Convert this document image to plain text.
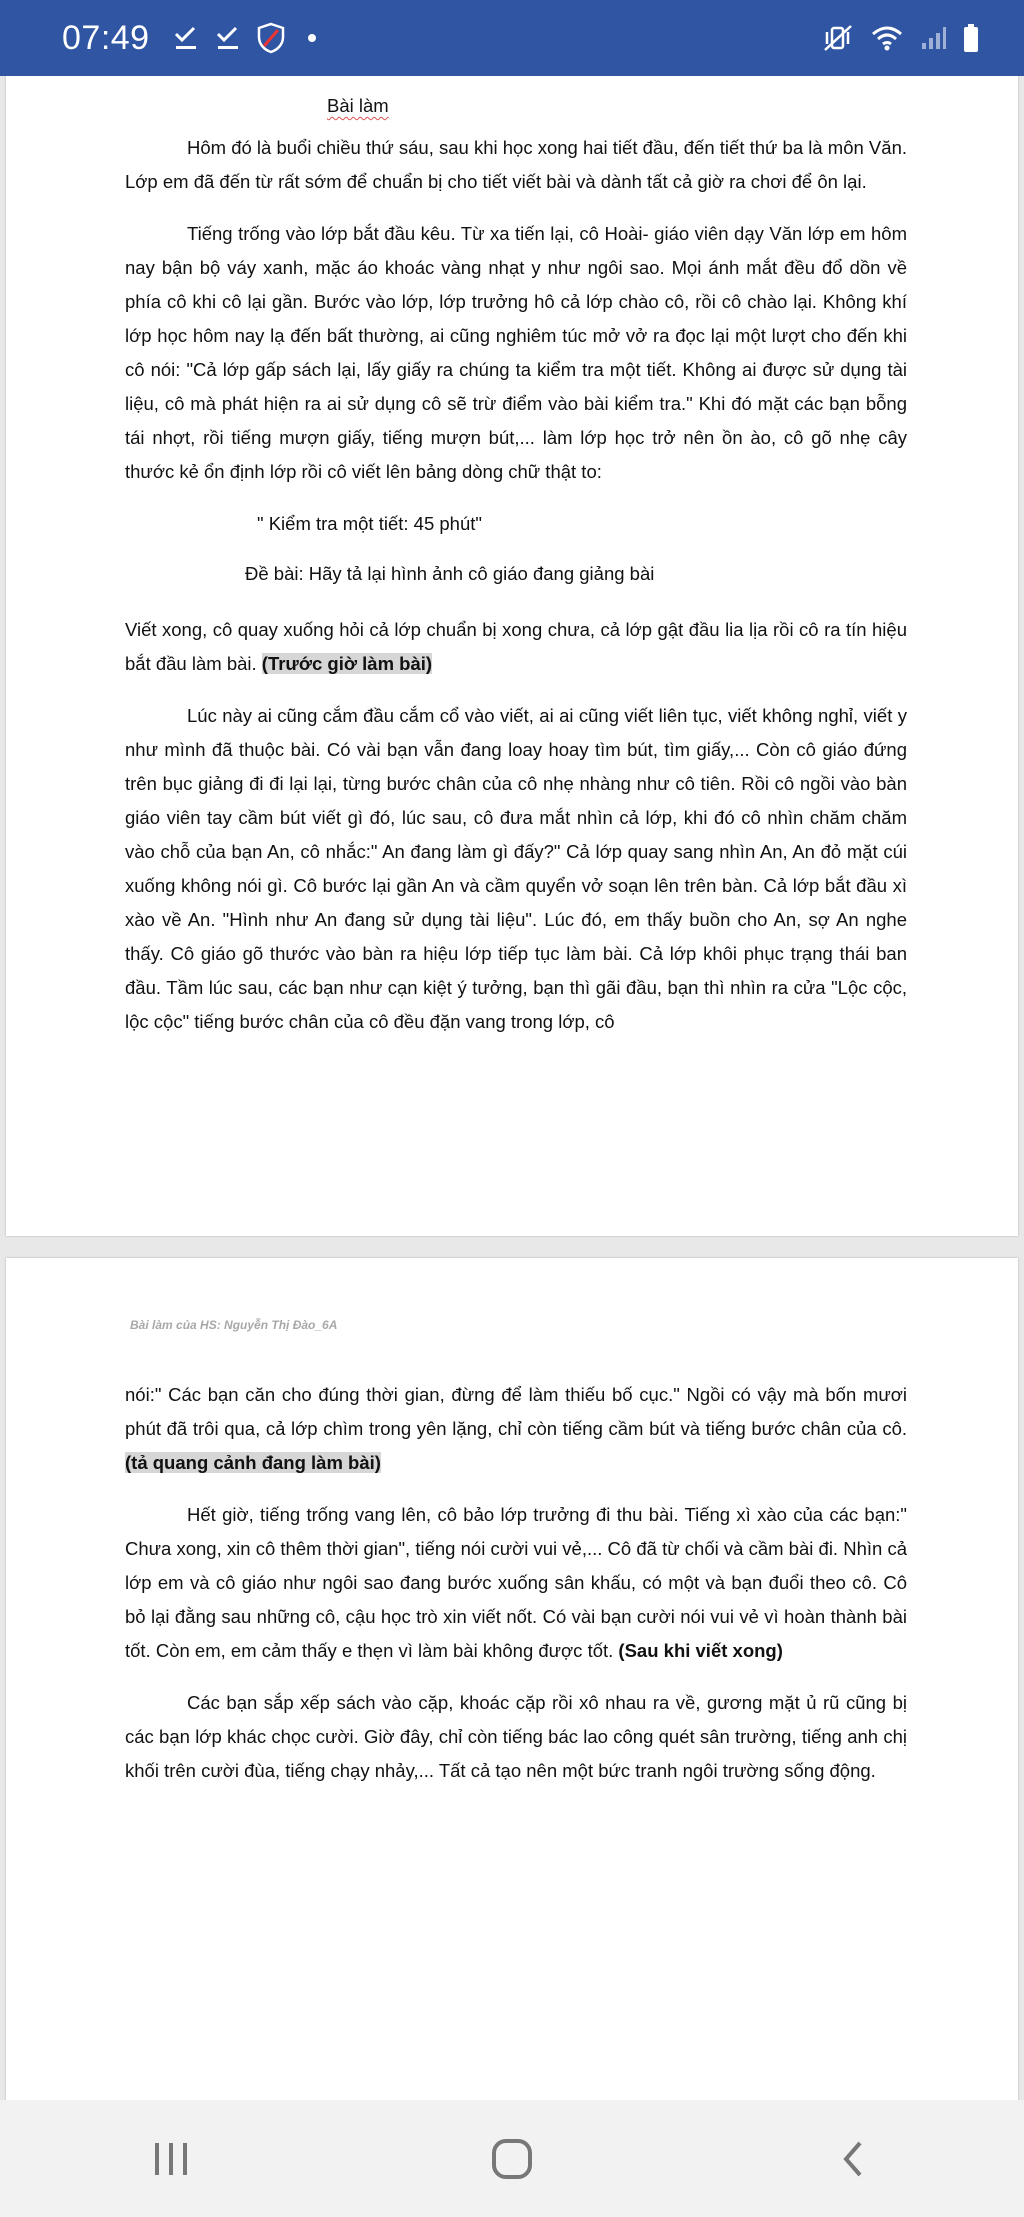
07:49
Bài làm

Hôm đó là buổi chiều thứ sáu, sau khi học xong hai tiết đầu, đến tiết thứ ba là môn Văn. Lớp em đã đến từ rất sớm để chuẩn bị cho tiết viết bài và dành tất cả giờ ra chơi để ôn lại.

Tiếng trống vào lớp bắt đầu kêu. Từ xa tiến lại, cô Hoài- giáo viên dạy Văn lớp em hôm nay bận bộ váy xanh, mặc áo khoác vàng nhạt y như ngôi sao. Mọi ánh mắt đều đổ dồn về phía cô khi cô lại gần. Bước vào lớp, lớp trưởng hô cả lớp chào cô, rồi cô chào lại. Không khí lớp học hôm nay lạ đến bất thường, ai cũng nghiêm túc mở vở ra đọc lại một lượt cho đến khi cô nói: "Cả lớp gấp sách lại, lấy giấy ra chúng ta kiểm tra một tiết. Không ai được sử dụng tài liệu, cô mà phát hiện ra ai sử dụng cô sẽ trừ điểm vào bài kiểm tra." Khi đó mặt các bạn bỗng tái nhợt, rồi tiếng mượn giấy, tiếng mượn bút,... làm lớp học trở nên ồn ào, cô gõ nhẹ cây thước kẻ ổn định lớp rồi cô viết lên bảng dòng chữ thật to:

" Kiểm tra một tiết: 45 phút"
Đề bài: Hãy tả lại hình ảnh cô giáo đang giảng bài

Viết xong, cô quay xuống hỏi cả lớp chuẩn bị xong chưa, cả lớp gật đầu lia lịa rồi cô ra tín hiệu bắt đầu làm bài. (Trước giờ làm bài)

Lúc này ai cũng cắm đầu cắm cổ vào viết, ai ai cũng viết liên tục, viết không nghỉ, viết y như mình đã thuộc bài. Có vài bạn vẫn đang loay hoay tìm bút, tìm giấy,... Còn cô giáo đứng trên bục giảng đi đi lại lại, từng bước chân của cô nhẹ nhàng như cô tiên. Rồi cô ngồi vào bàn giáo viên tay cầm bút viết gì đó, lúc sau, cô đưa mắt nhìn cả lớp, khi đó cô nhìn chăm chăm vào chỗ của bạn An, cô nhắc:" An đang làm gì đấy?" Cả lớp quay sang nhìn An, An đỏ mặt cúi xuống không nói gì. Cô bước lại gần An và cầm quyển vở soạn lên trên bàn. Cả lớp bắt đầu xì xào về An. "Hình như An đang sử dụng tài liệu". Lúc đó, em thấy buồn cho An, sợ An nghe thấy. Cô giáo gõ thước vào bàn ra hiệu lớp tiếp tục làm bài. Cả lớp khôi phục trạng thái ban đầu. Tầm lúc sau, các bạn như cạn kiệt ý tưởng, bạn thì gãi đầu, bạn thì nhìn ra cửa "Lộc cộc, lộc cộc" tiếng bước chân của cô đều đặn vang trong lớp, cô

Bài làm của HS: Nguyễn Thị Đào_6A

nói:" Các bạn căn cho đúng thời gian, đừng để làm thiếu bố cục." Ngồi có vậy mà bốn mươi phút đã trôi qua, cả lớp chìm trong yên lặng, chỉ còn tiếng cầm bút và tiếng bước chân của cô. (tả quang cảnh đang làm bài)

Hết giờ, tiếng trống vang lên, cô bảo lớp trưởng đi thu bài. Tiếng xì xào của các bạn:" Chưa xong, xin cô thêm thời gian", tiếng nói cười vui vẻ,... Cô đã từ chối và cầm bài đi. Nhìn cả lớp em và cô giáo như ngôi sao đang bước xuống sân khấu, có một và bạn đuổi theo cô. Cô bỏ lại đằng sau những cô, cậu học trò xin viết nốt. Có vài bạn cười nói vui vẻ vì hoàn thành bài tốt. Còn em, em cảm thấy e thẹn vì làm bài không được tốt. (Sau khi viết xong)

Các bạn sắp xếp sách vào cặp, khoác cặp rồi xô nhau ra về, gương mặt ủ rũ cũng bị các bạn lớp khác chọc cười. Giờ đây, chỉ còn tiếng bác lao công quét sân trường, tiếng anh chị khối trên cười đùa, tiếng chạy nhảy,... Tất cả tạo nên một bức tranh ngôi trường sống động.
